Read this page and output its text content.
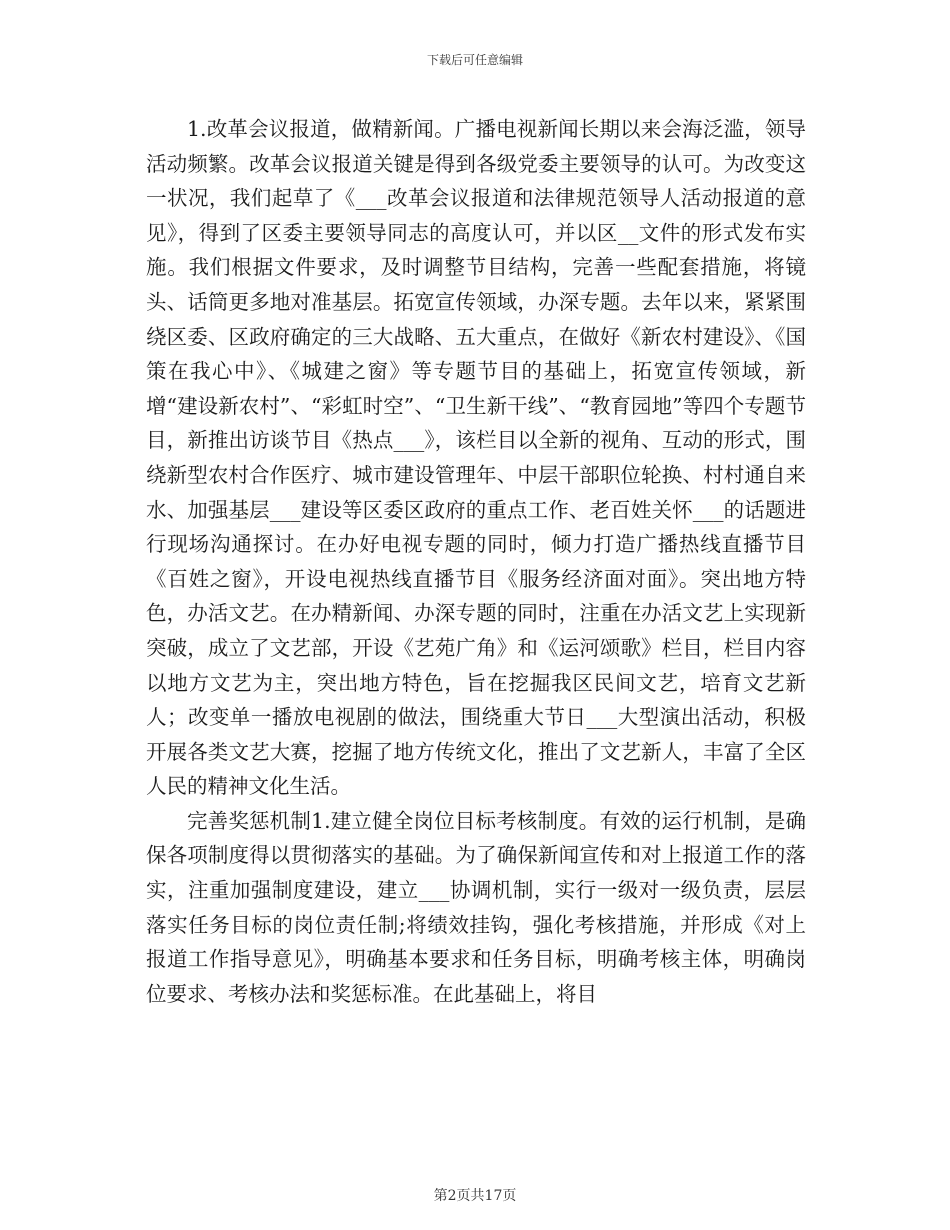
下载后可任意编辑

1.改革会议报道，做精新闻。广播电视新闻长期以来会海泛滥，领导活动频繁。改革会议报道关键是得到各级党委主要领导的认可。为改变这一状况，我们起草了《___改革会议报道和法律规范领导人活动报道的意见》，得到了区委主要领导同志的高度认可，并以区__文件的形式发布实施。我们根据文件要求，及时调整节目结构，完善一些配套措施，将镜头、话筒更多地对准基层。拓宽宣传领域，办深专题。去年以来，紧紧围绕区委、区政府确定的三大战略、五大重点，在做好《新农村建设》、《国策在我心中》、《城建之窗》等专题节目的基础上，拓宽宣传领域，新增“建设新农村”、“彩虹时空”、“卫生新干线”、“教育园地”等四个专题节目，新推出访谈节目《热点___》，该栏目以全新的视角、互动的形式，围绕新型农村合作医疗、城市建设管理年、中层干部职位轮换、村村通自来水、加强基层___建设等区委区政府的重点工作、老百姓关怀___的话题进行现场沟通探讨。在办好电视专题的同时，倾力打造广播热线直播节目《百姓之窗》，开设电视热线直播节目《服务经济面对面》。突出地方特色，办活文艺。在办精新闻、办深专题的同时，注重在办活文艺上实现新突破，成立了文艺部，开设《艺苑广角》和《运河颂歌》栏目，栏目内容以地方文艺为主，突出地方特色，旨在挖掘我区民间文艺，培育文艺新人；改变单一播放电视剧的做法，围绕重大节日___大型演出活动，积极开展各类文艺大赛，挖掘了地方传统文化，推出了文艺新人，丰富了全区人民的精神文化生活。

完善奖惩机制1.建立健全岗位目标考核制度。有效的运行机制，是确保各项制度得以贯彻落实的基础。为了确保新闻宣传和对上报道工作的落实，注重加强制度建设，建立___协调机制，实行一级对一级负责，层层落实任务目标的岗位责任制;将绩效挂钩，强化考核措施，并形成《对上报道工作指导意见》，明确基本要求和任务目标，明确考核主体，明确岗位要求、考核办法和奖惩标准。在此基础上，将目

第2页共17页
